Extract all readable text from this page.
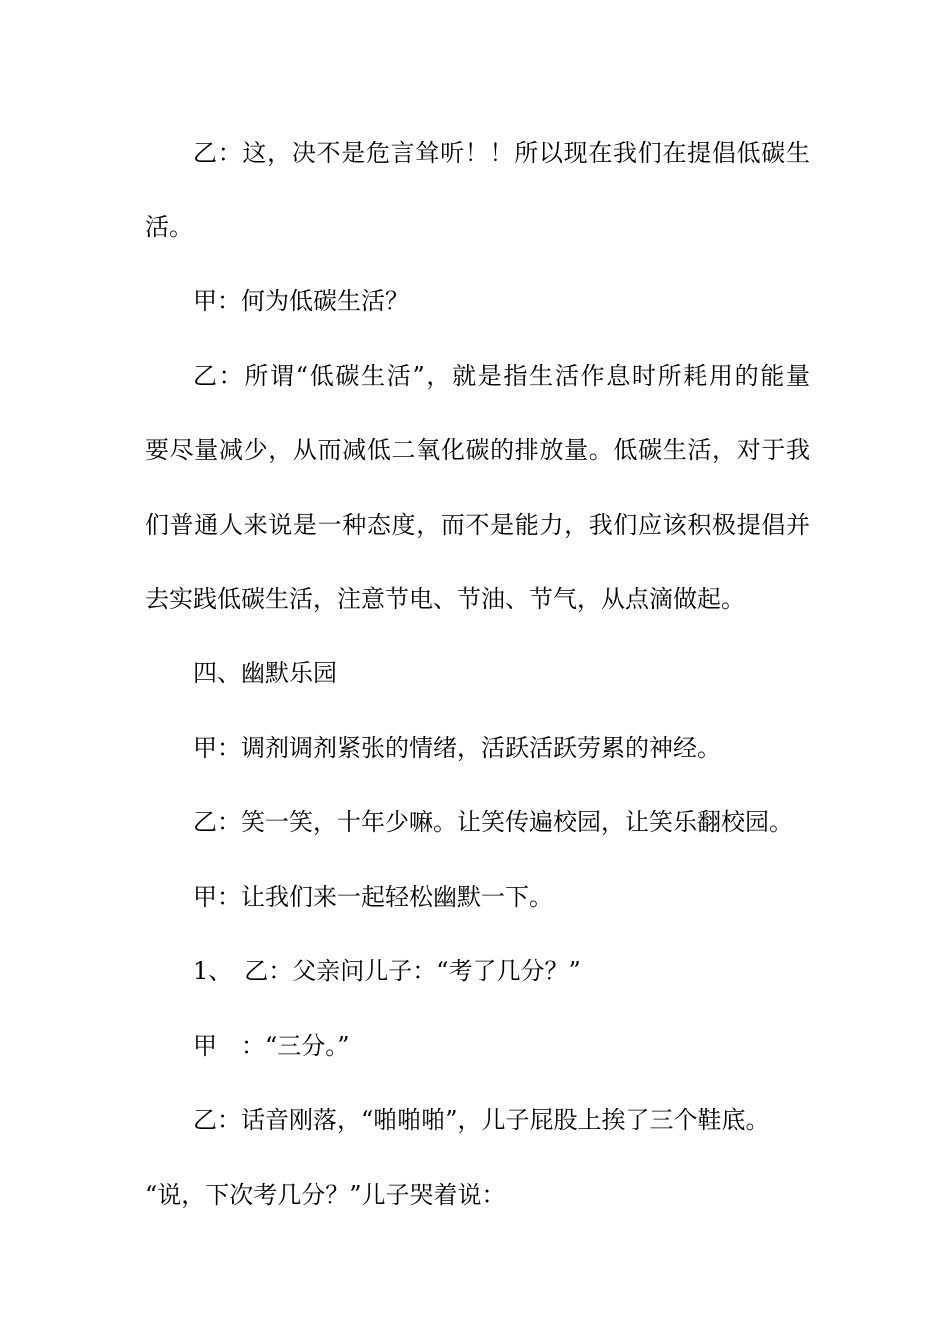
乙：这，决不是危言耸听！！所以现在我们在提倡低碳生
活。
甲：何为低碳生活？
乙：所谓“低碳生活”，就是指生活作息时所耗用的能量
要尽量减少，从而减低二氧化碳的排放量。低碳生活，对于我
们普通人来说是一种态度，而不是能力，我们应该积极提倡并
去实践低碳生活，注意节电、节油、节气，从点滴做起。
四、幽默乐园
甲：调剂调剂紧张的情绪，活跃活跃劳累的神经。
乙：笑一笑，十年少嘛。让笑传遍校园，让笑乐翻校园。
甲：让我们来一起轻松幽默一下。
1、　乙：父亲问儿子：“考了几分？”
甲　：“三分。”
乙：话音刚落，“啪啪啪”，儿子屁股上挨了三个鞋底。
“说，下次考几分？”儿子哭着说：
